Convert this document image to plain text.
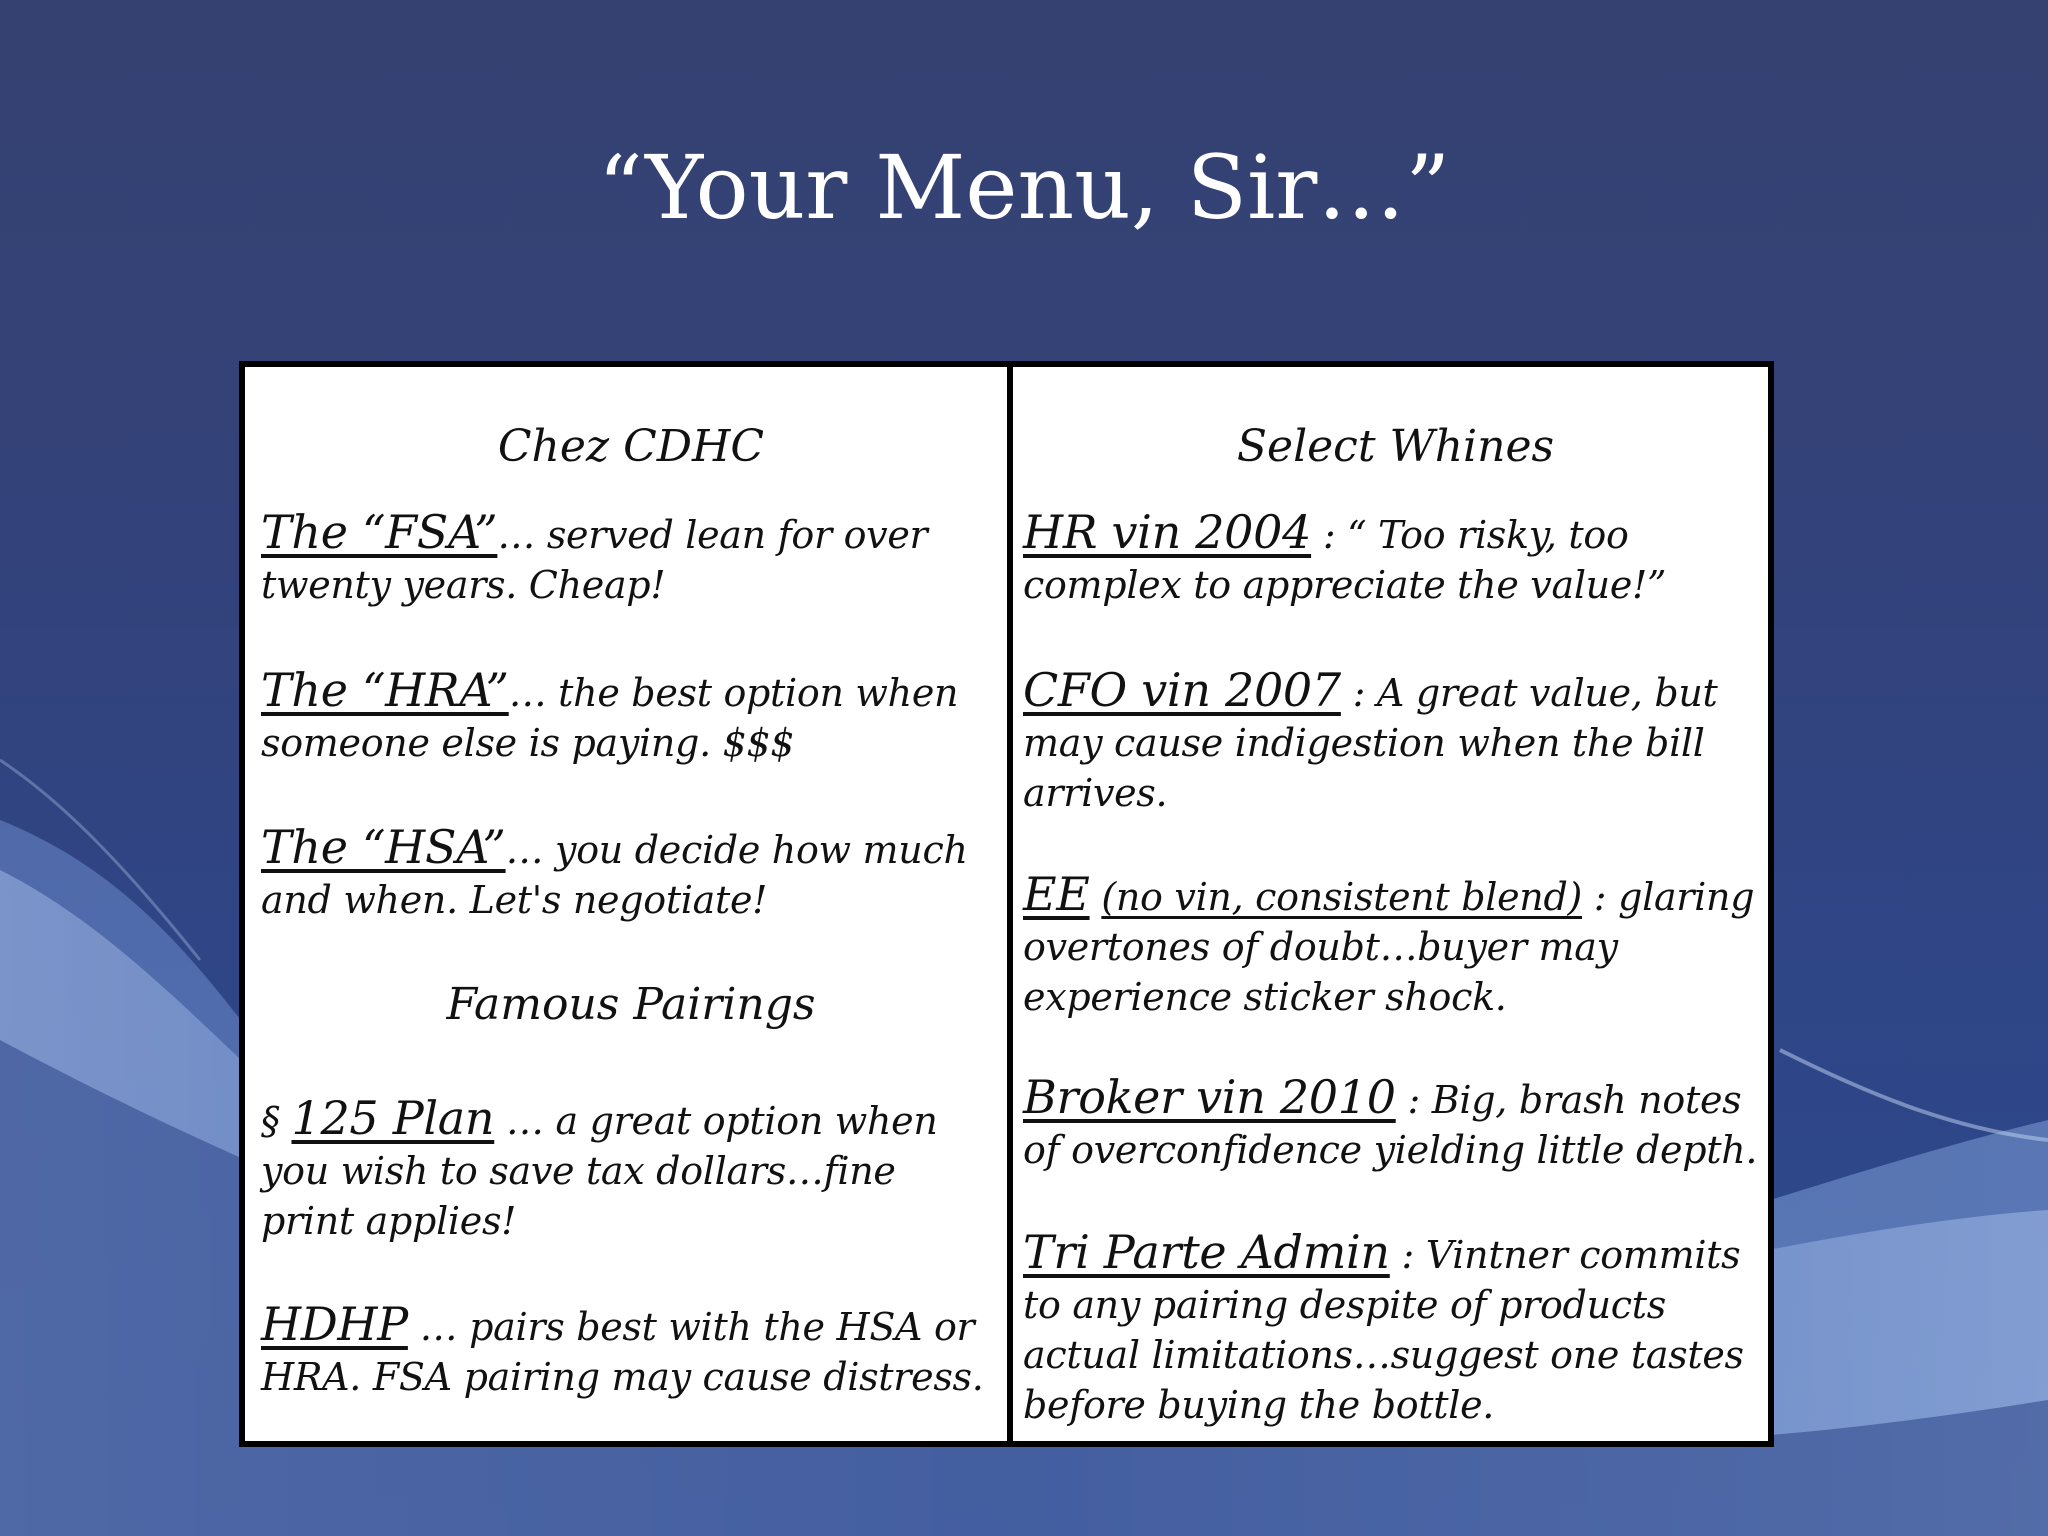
“Your Menu, Sir…”
Chez CDHC
The “FSA”… served lean for over twenty years. Cheap!
The “HRA”… the best option when someone else is paying. $$$
The “HSA”… you decide how much and when. Let's negotiate!
Famous Pairings
§ 125 Plan … a great option when you wish to save tax dollars…fine print applies!
HDHP … pairs best with the HSA or HRA. FSA pairing may cause distress.
Select Whines
HR vin 2004 : “ Too risky, too complex to appreciate the value!”
CFO vin 2007 : A great value, but may cause indigestion when the bill arrives.
EE (no vin, consistent blend) : glaring overtones of doubt…buyer may experience sticker shock.
Broker vin 2010 : Big, brash notes of overconfidence yielding little depth.
Tri Parte Admin : Vintner commits to any pairing despite of products actual limitations…suggest one tastes before buying the bottle.
